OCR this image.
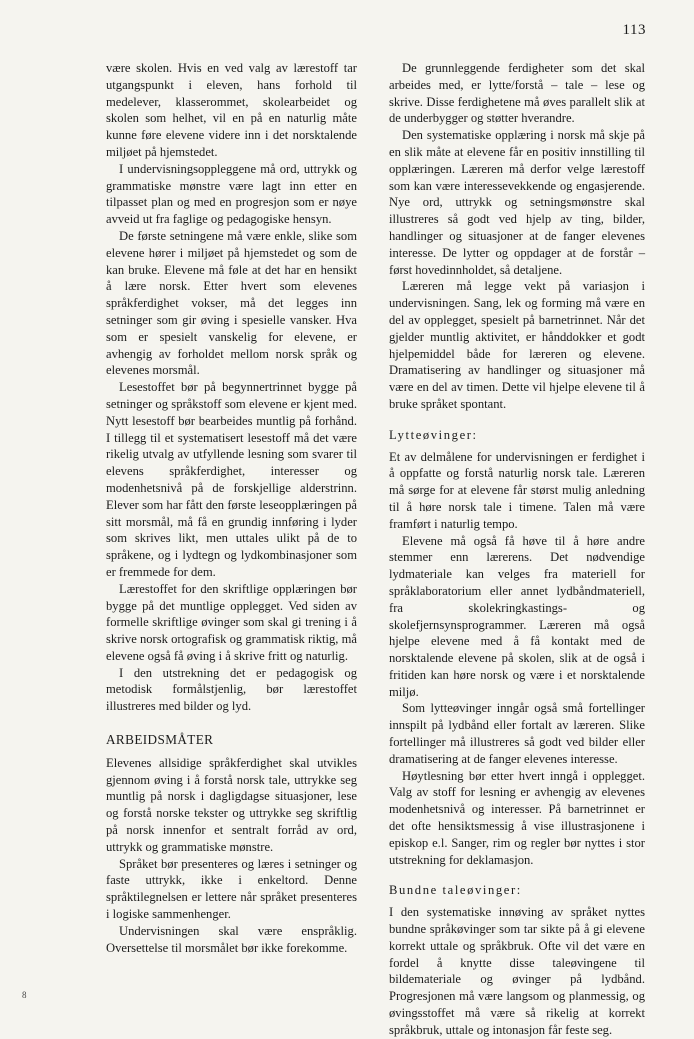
113

være skolen. Hvis en ved valg av lærestoff tar utgangspunkt i eleven, hans forhold til medelever, klasserommet, skolearbeidet og skolen som helhet, vil en på en naturlig måte kunne føre elevene videre inn i det norsktalende miljøet på hjemstedet.

I undervisningsoppleggene må ord, uttrykk og grammatiske mønstre være lagt inn etter en tilpasset plan og med en progresjon som er nøye avveid ut fra faglige og pedagogiske hensyn.

De første setningene må være enkle, slike som elevene hører i miljøet på hjemstedet og som de kan bruke. Elevene må føle at det har en hensikt å lære norsk. Etter hvert som elevenes språkferdighet vokser, må det legges inn setninger som gir øving i spesielle vansker. Hva som er spesielt vanskelig for elevene, er avhengig av forholdet mellom norsk språk og elevenes morsmål.

Lesestoffet bør på begynnertrinnet bygge på setninger og språkstoff som elevene er kjent med. Nytt lesestoff bør bearbeides muntlig på forhånd. I tillegg til et systematisert lesestoff må det være rikelig utvalg av utfyllende lesning som svarer til elevens språkferdighet, interesser og modenhetsnivå på de forskjellige alderstrinn. Elever som har fått den første leseopplæringen på sitt morsmål, må få en grundig innføring i lyder som skrives likt, men uttales ulikt på de to språkene, og i lydtegn og lydkombinasjoner som er fremmede for dem.

Lærestoffet for den skriftlige opplæringen bør bygge på det muntlige opplegget. Ved siden av formelle skriftlige øvinger som skal gi trening i å skrive norsk ortografisk og grammatisk riktig, må elevene også få øving i å skrive fritt og naturlig.

I den utstrekning det er pedagogisk og metodisk formålstjenlig, bør lærestoffet illustreres med bilder og lyd.

ARBEIDSMÅTER

Elevenes allsidige språkferdighet skal utvikles gjennom øving i å forstå norsk tale, uttrykke seg muntlig på norsk i dagligdagse situasjoner, lese og forstå norske tekster og uttrykke seg skriftlig på norsk innenfor et sentralt forråd av ord, uttrykk og grammatiske mønstre.

Språket bør presenteres og læres i setninger og faste uttrykk, ikke i enkeltord. Denne språktilegnelsen er lettere når språket presenteres i logiske sammenhenger.

Undervisningen skal være enspråklig. Oversettelse til morsmålet bør ikke forekomme.

De grunnleggende ferdigheter som det skal arbeides med, er lytte/forstå – tale – lese og skrive. Disse ferdighetene må øves parallelt slik at de underbygger og støtter hverandre.

Den systematiske opplæring i norsk må skje på en slik måte at elevene får en positiv innstilling til opplæringen. Læreren må derfor velge lærestoff som kan være interessevekkende og engasjerende. Nye ord, uttrykk og setningsmønstre skal illustreres så godt ved hjelp av ting, bilder, handlinger og situasjoner at de fanger elevenes interesse. De lytter og oppdager at de forstår – først hovedinnholdet, så detaljene.

Læreren må legge vekt på variasjon i undervisningen. Sang, lek og forming må være en del av opplegget, spesielt på barnetrinnet. Når det gjelder muntlig aktivitet, er hånddokker et godt hjelpemiddel både for læreren og elevene. Dramatisering av handlinger og situasjoner må være en del av timen. Dette vil hjelpe elevene til å bruke språket spontant.

Lytteøvinger:

Et av delmålene for undervisningen er ferdighet i å oppfatte og forstå naturlig norsk tale. Læreren må sørge for at elevene får størst mulig anledning til å høre norsk tale i timene. Talen må være framført i naturlig tempo.

Elevene må også få høve til å høre andre stemmer enn lærerens. Det nødvendige lydmateriale kan velges fra materiell for språklaboratorium eller annet lydbåndmateriell, fra skolekringkastings- og skolefjernsynsprogrammer. Læreren må også hjelpe elevene med å få kontakt med de norsktalende elevene på skolen, slik at de også i fritiden kan høre norsk og være i et norsktalende miljø.

Som lytteøvinger inngår også små fortellinger innspilt på lydbånd eller fortalt av læreren. Slike fortellinger må illustreres så godt ved bilder eller dramatisering at de fanger elevenes interesse.

Høytlesning bør etter hvert inngå i opplegget. Valg av stoff for lesning er avhengig av elevenes modenhetsnivå og interesser. På barnetrinnet er det ofte hensiktsmessig å vise illustrasjonene i episkop e.l. Sanger, rim og regler bør nyttes i stor utstrekning for deklamasjon.

Bundne taleøvinger:

I den systematiske innøving av språket nyttes bundne språkøvinger som tar sikte på å gi elevene korrekt uttale og språkbruk. Ofte vil det være en fordel å knytte disse taleøvingene til bildemateriale og øvinger på lydbånd. Progresjonen må være langsom og planmessig, og øvingsstoffet må være så rikelig at korrekt språkbruk, uttale og intonasjon får feste seg.

8
